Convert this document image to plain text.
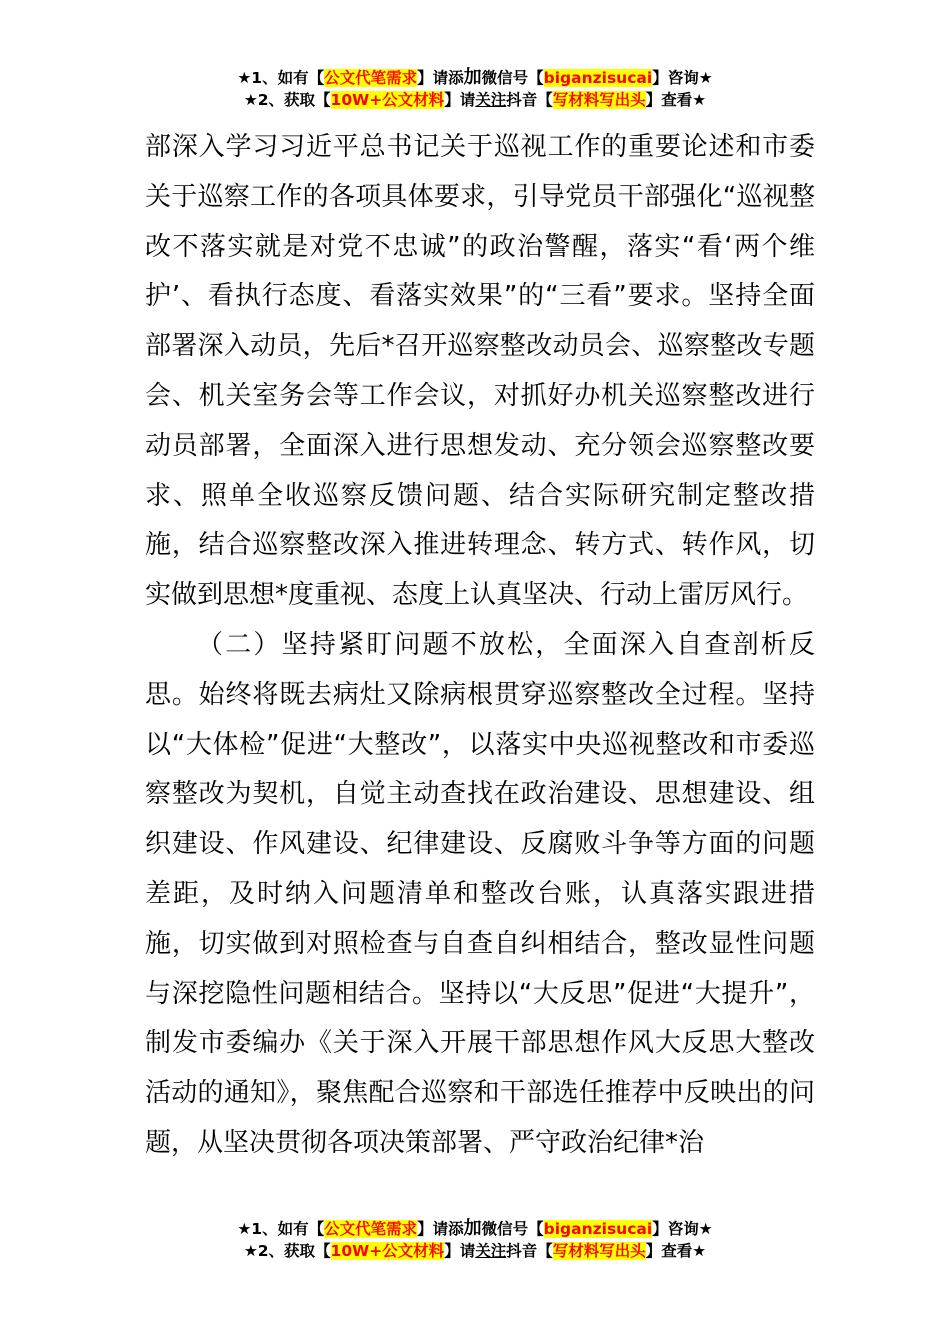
★1、如有【公文代笔需求】请添加微信号【biganzisucai】咨询★
★2、获取【10W+公文材料】请关注抖音【写材料写出头】查看★

部深入学习习近平总书记关于巡视工作的重要论述和市委关于巡察工作的各项具体要求，引导党员干部强化“巡视整改不落实就是对党不忠诚”的政治警醒，落实“看‘两个维护’、看执行态度、看落实效果”的“三看”要求。坚持全面部署深入动员，先后*召开巡察整改动员会、巡察整改专题会、机关室务会等工作会议，对抓好办机关巡察整改进行动员部署，全面深入进行思想发动、充分领会巡察整改要求、照单全收巡察反馈问题、结合实际研究制定整改措施，结合巡察整改深入推进转理念、转方式、转作风，切实做到思想*度重视、态度上认真坚决、行动上雷厉风行。

（二）坚持紧盯问题不放松，全面深入自查剖析反思。始终将既去病灶又除病根贯穿巡察整改全过程。坚持以“大体检”促进“大整改”，以落实中央巡视整改和市委巡察整改为契机，自觉主动查找在政治建设、思想建设、组织建设、作风建设、纪律建设、反腐败斗争等方面的问题差距，及时纳入问题清单和整改台账，认真落实跟进措施，切实做到对照检查与自查自纠相结合，整改显性问题与深挖隐性问题相结合。坚持以“大反思”促进“大提升”，制发市委编办《关于深入开展干部思想作风大反思大整改活动的通知》，聚焦配合巡察和干部选任推荐中反映出的问题，从坚决贯彻各项决策部署、严守政治纪律*治

★1、如有【公文代笔需求】请添加微信号【biganzisucai】咨询★
★2、获取【10W+公文材料】请关注抖音【写材料写出头】查看★
